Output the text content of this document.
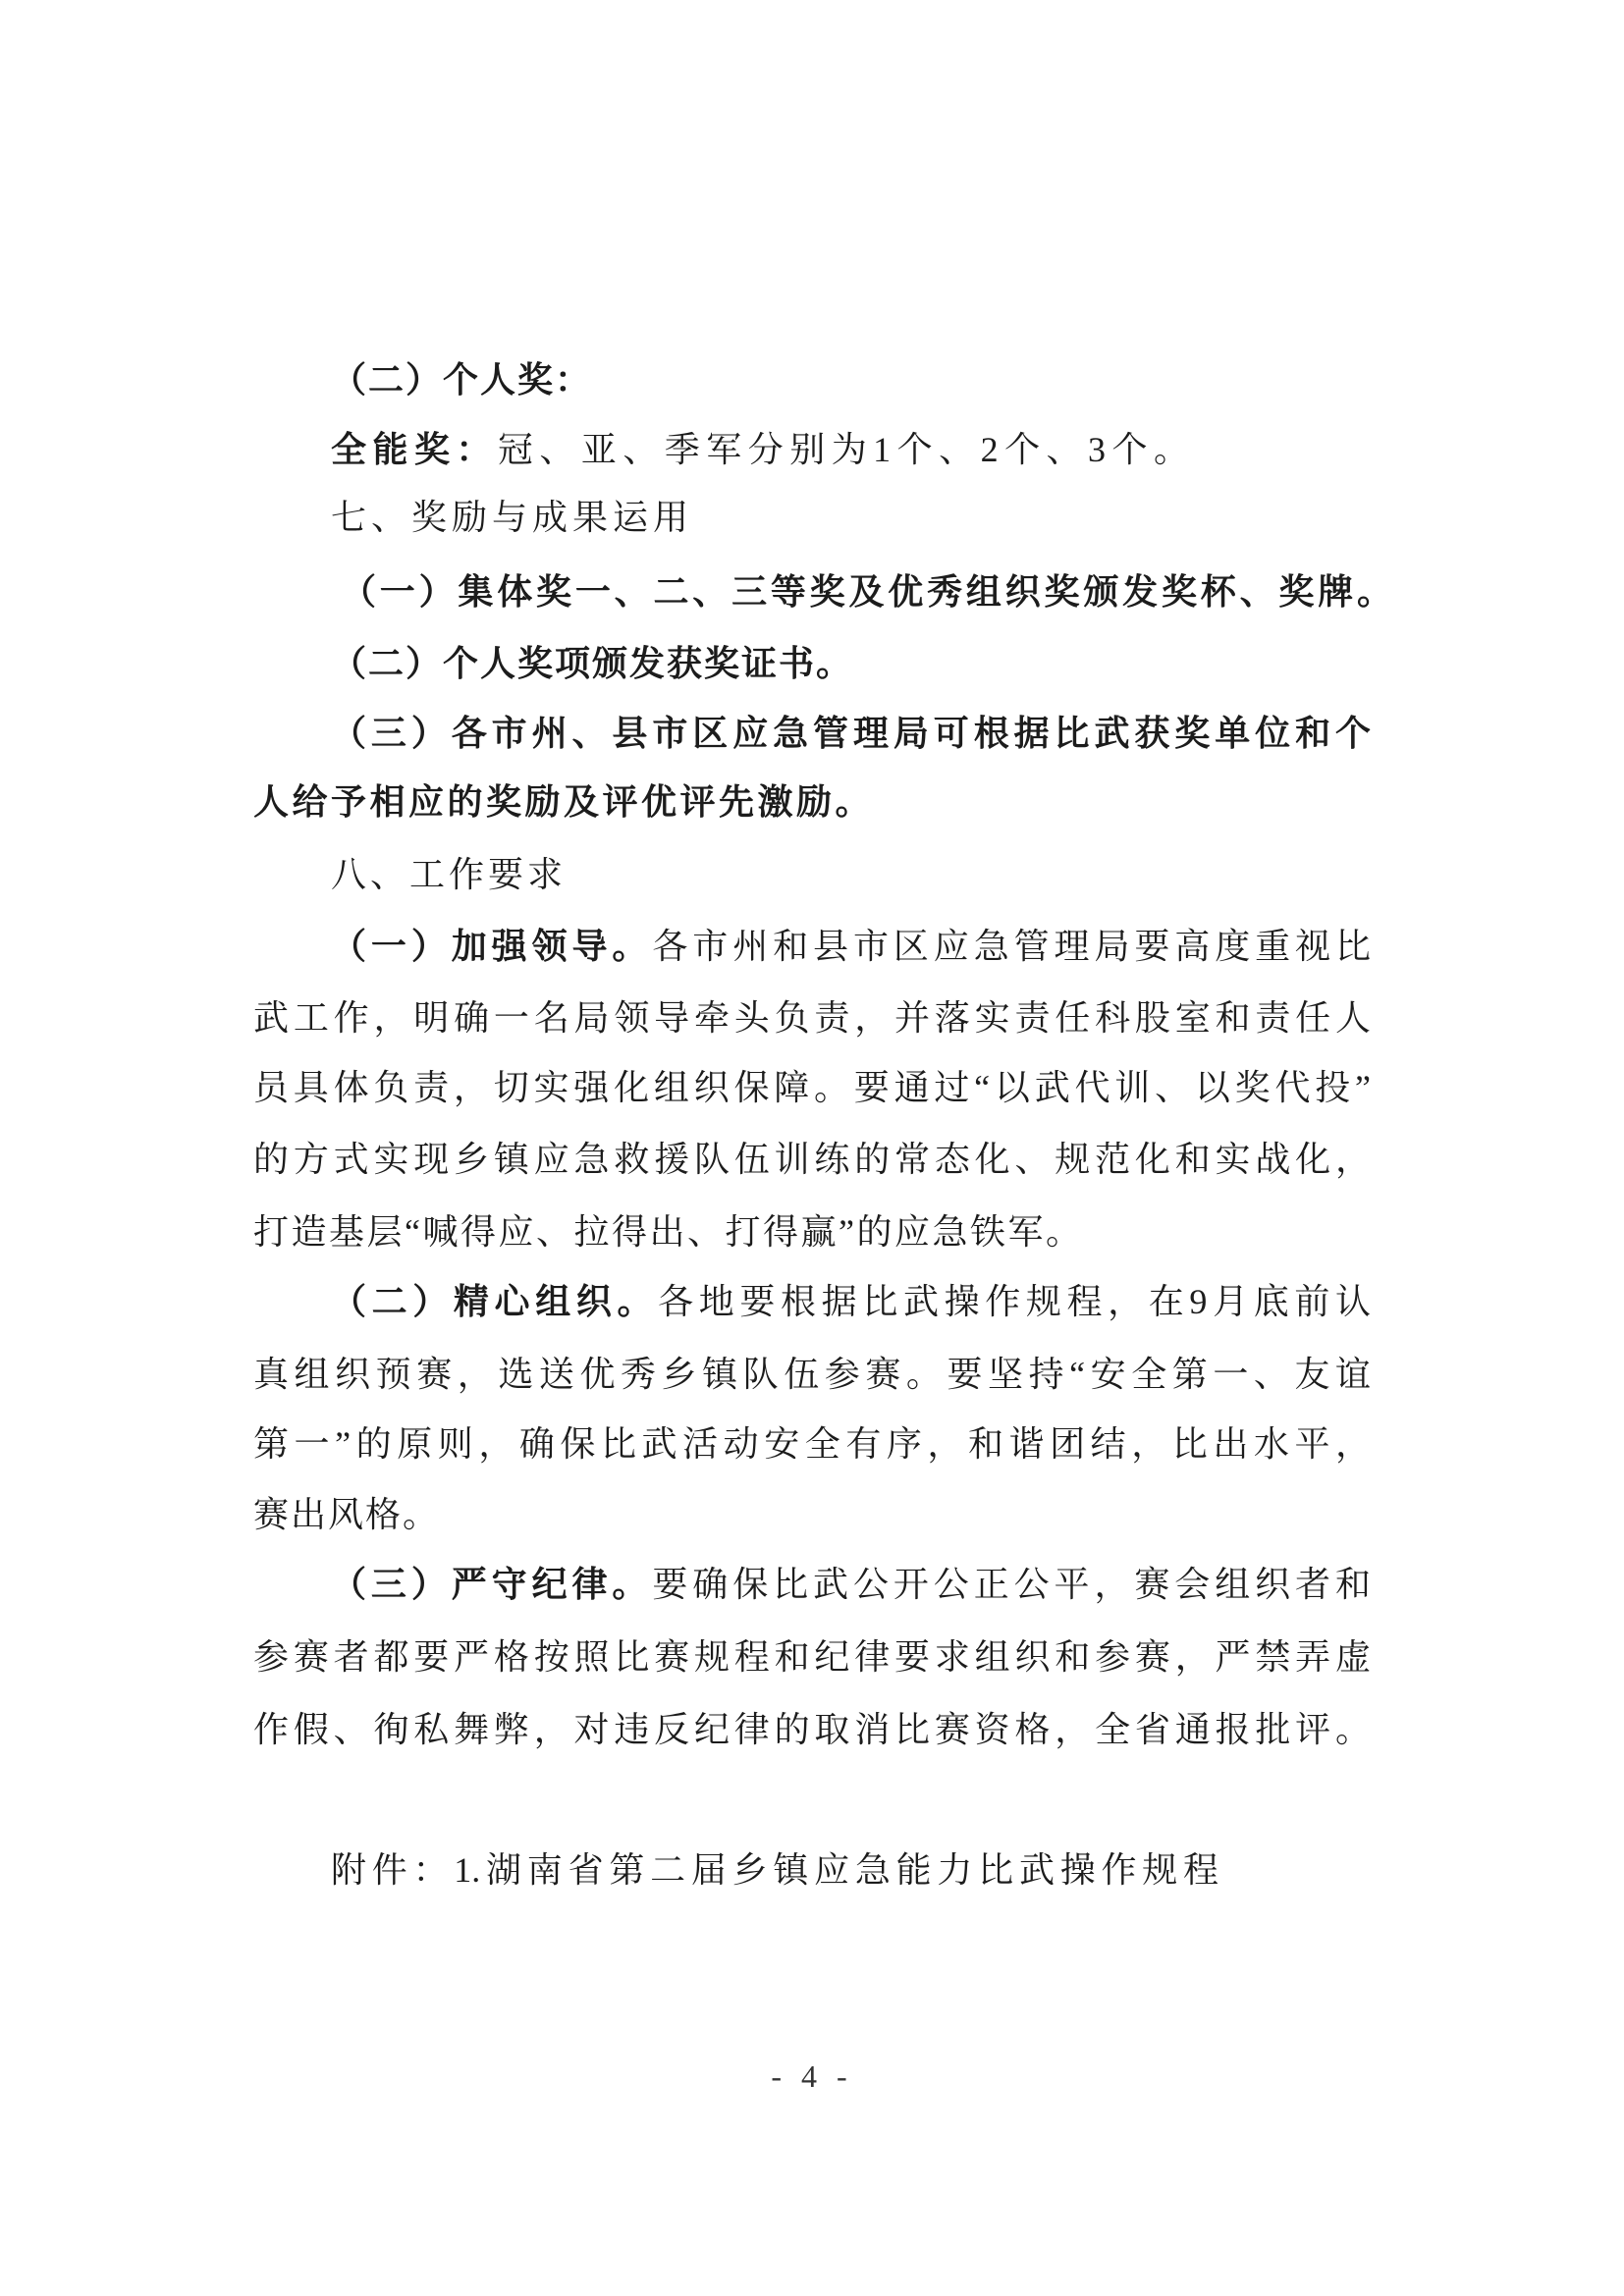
（二）个人奖：
全能奖：冠、亚、季军分别为1个、2个、3个。
七、奖励与成果运用
（一）集体奖一、二、三等奖及优秀组织奖颁发奖杯、奖牌。
（二）个人奖项颁发获奖证书。
（三）各市州、县市区应急管理局可根据比武获奖单位和个
人给予相应的奖励及评优评先激励。
八、工作要求
（一）加强领导。各市州和县市区应急管理局要高度重视比
武工作，明确一名局领导牵头负责，并落实责任科股室和责任人
员具体负责，切实强化组织保障。要通过“以武代训、以奖代投”
的方式实现乡镇应急救援队伍训练的常态化、规范化和实战化，
打造基层“喊得应、拉得出、打得赢”的应急铁军。
（二）精心组织。各地要根据比武操作规程，在9月底前认
真组织预赛，选送优秀乡镇队伍参赛。要坚持“安全第一、友谊
第一”的原则，确保比武活动安全有序，和谐团结，比出水平，
赛出风格。
（三）严守纪律。要确保比武公开公正公平，赛会组织者和
参赛者都要严格按照比赛规程和纪律要求组织和参赛，严禁弄虚
作假、徇私舞弊，对违反纪律的取消比赛资格，全省通报批评。
附件：1.湖南省第二届乡镇应急能力比武操作规程
- 4 -
